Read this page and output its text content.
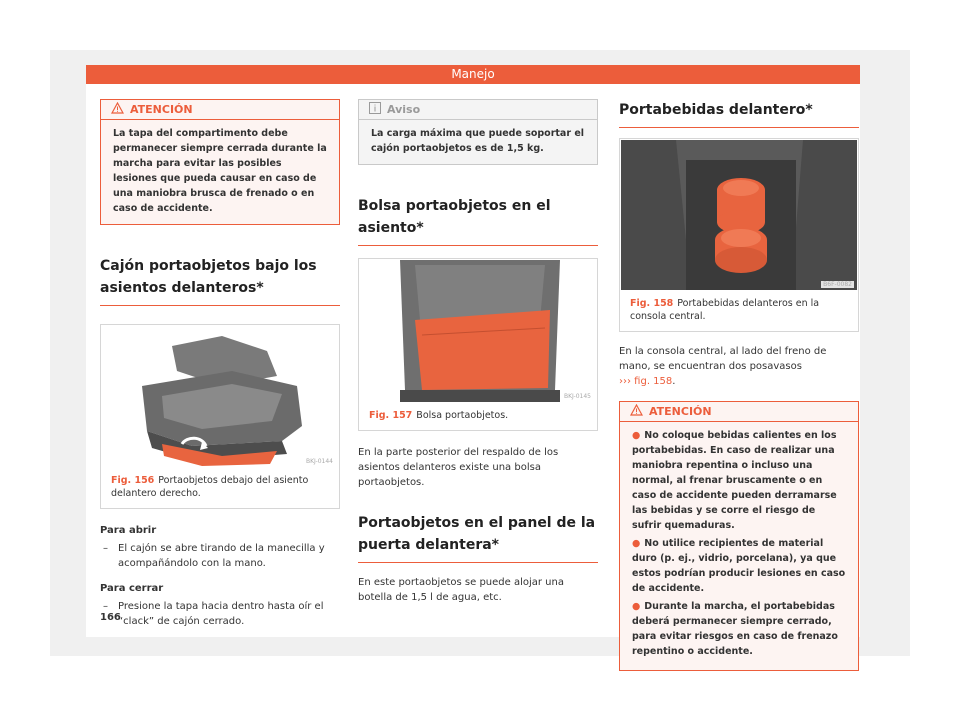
Manejo
ATENCIÓN
La tapa del compartimento debe permanecer siempre cerrada durante la marcha para evitar las posibles lesiones que pueda causar en caso de una maniobra brusca de frenado o en caso de accidente.
Cajón portaobjetos bajo los asientos delanteros*
BKJ-0144
Fig. 156 Portaobjetos debajo del asiento delantero derecho.
Para abrir
– El cajón se abre tirando de la manecilla y acompañándolo con la mano.
Para cerrar
– Presione la tapa hacia dentro hasta oír el “clack” de cajón cerrado.
Aviso
La carga máxima que puede soportar el cajón portaobjetos es de 1,5 kg.
Bolsa portaobjetos en el asiento*
BKJ-0145
Fig. 157 Bolsa portaobjetos.
En la parte posterior del respaldo de los asientos delanteros existe una bolsa portaobjetos.
Portaobjetos en el panel de la puerta delantera*
En este portaobjetos se puede alojar una botella de 1,5 l de agua, etc.
Portabebidas delantero*
B6F-0082
Fig. 158 Portabebidas delanteros en la consola central.
En la consola central, al lado del freno de mano, se encuentran dos posavasos
››› fig. 158.
ATENCIÓN
● No coloque bebidas calientes en los portabebidas. En caso de realizar una maniobra repentina o incluso una normal, al frenar bruscamente o en caso de accidente pueden derramarse las bebidas y se corre el riesgo de sufrir quemaduras.
● No utilice recipientes de material duro (p. ej., vidrio, porcelana), ya que estos podrían producir lesiones en caso de accidente.
● Durante la marcha, el portabebidas deberá permanecer siempre cerrado, para evitar riesgos en caso de frenazo repentino o accidente.
166
